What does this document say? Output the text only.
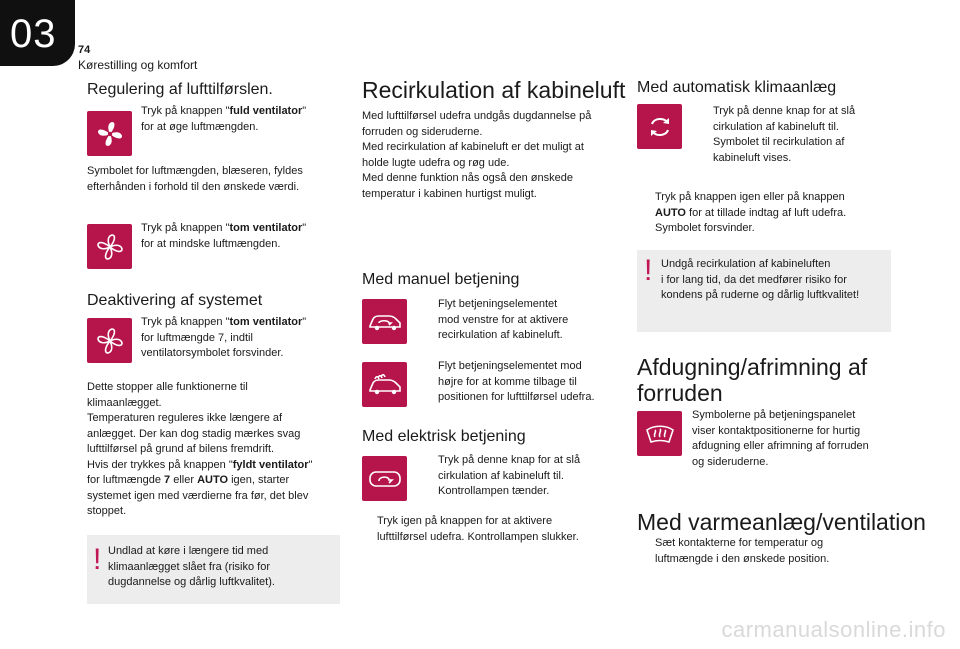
03 74
Kørestilling og komfort
Regulering af lufttilførslen.
Tryk på knappen "fuld ventilator"
for at øge luftmængden.
Symbolet for luftmængden, blæseren, fyldes
efterhånden i forhold til den ønskede værdi.
Tryk på knappen "tom ventilator"
for at mindske luftmængden.
Deaktivering af systemet
Tryk på knappen "tom ventilator"
for luftmængde 7, indtil
ventilatorsymbolet forsvinder.
Dette stopper alle funktionerne til
klimaanlægget.
Temperaturen reguleres ikke længere af
anlægget. Der kan dog stadig mærkes svag
lufttilførsel på grund af bilens fremdrift.
Hvis der trykkes på knappen "fyldt ventilator"
for luftmængde 7 eller AUTO igen, starter
systemet igen med værdierne fra før, det blev
stoppet.
! Undlad at køre i længere tid med
klimaanlægget slået fra (risiko for
dugdannelse og dårlig luftkvalitet).
Recirkulation af kabineluft
Med lufttilførsel udefra undgås dugdannelse på
forruden og sideruderne.
Med recirkulation af kabineluft er det muligt at
holde lugte udefra og røg ude.
Med denne funktion nås også den ønskede
temperatur i kabinen hurtigst muligt.
Med manuel betjening
Flyt betjeningselementet
mod venstre for at aktivere
recirkulation af kabineluft.
Flyt betjeningselementet mod
højre for at komme tilbage til
positionen for lufttilførsel udefra.
Med elektrisk betjening
Tryk på denne knap for at slå
cirkulation af kabineluft til.
Kontrollampen tænder.
Tryk igen på knappen for at aktivere
lufttilførsel udefra. Kontrollampen slukker.
Med automatisk klimaanlæg
Tryk på denne knap for at slå
cirkulation af kabineluft til.
Symbolet til recirkulation af
kabineluft vises.
Tryk på knappen igen eller på knappen
AUTO for at tillade indtag af luft udefra.
Symbolet forsvinder.
! Undgå recirkulation af kabineluften
i for lang tid, da det medfører risiko for
kondens på ruderne og dårlig luftkvalitet!
Afdugning/afrimning af
forruden
Symbolerne på betjeningspanelet
viser kontaktpositionerne for hurtig
afdugning eller afrimning af forruden
og sideruderne.
Med varmeanlæg/ventilation
Sæt kontakterne for temperatur og
luftmængde i den ønskede position.
carmanualsonline.info
